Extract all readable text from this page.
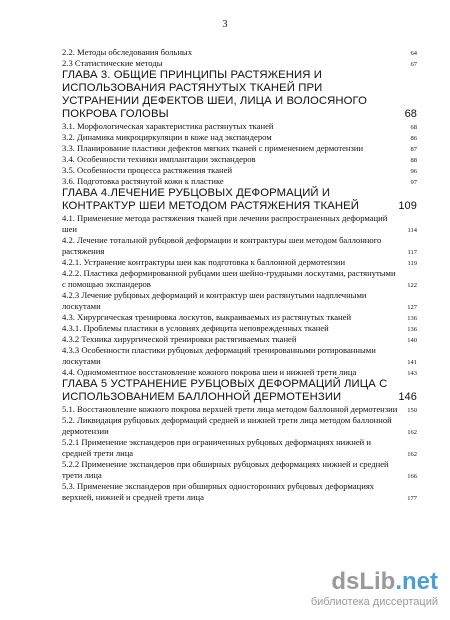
3
2.2. Методы обследования больных	64
2.3 Статистические методы	67
ГЛАВА 3. ОБЩИЕ ПРИНЦИПЫ РАСТЯЖЕНИЯ И ИСПОЛЬЗОВАНИЯ РАСТЯНУТЫХ ТКАНЕЙ ПРИ УСТРАНЕНИИ ДЕФЕКТОВ ШЕИ, ЛИЦА И ВОЛОСЯНОГО ПОКРОВА ГОЛОВЫ	68
3.1. Морфологическая характеристика растянутых тканей	68
3.2. Динамика микроциркуляции в коже над экспандером	86
3.3. Планирование пластики дефектов мягких тканей с применением дермотензии	87
3.4. Особенности техники имплантации экспандеров	88
3.5. Особенности процесса растяжения тканей	96
3.6. Подготовка растянутой кожи к пластике	97
ГЛАВА 4.ЛЕЧЕНИЕ РУБЦОВЫХ ДЕФОРМАЦИЙ И КОНТРАКТУР ШЕИ МЕТОДОМ РАСТЯЖЕНИЯ ТКАНЕЙ	109
4.1. Применение метода растяжения тканей при лечении распространенных деформаций шеи	114
4.2. Лечение тотальной рубцовой деформации и контрактуры шеи методом баллонного растяжения	117
4.2.1. Устранение контрактуры шеи как подготовка к баллонной дермотензии	119
4.2.2. Пластика деформированной рубцами шеи шейно-грудными лоскутами, растянутыми с помощью экспандеров	122
4.2.3 Лечение рубцовых деформаций и контрактур шеи растянутыми надплечными лоскутами	127
4.3. Хирургическая тренировка лоскутов, выкраиваемых из растянутых тканей	136
4.3.1. Проблемы пластики в условиях дефицита неповрежденных тканей	136
4.3.2 Техника хирургической тренировки растягиваемых тканей	140
4.3.3 Особенности пластики рубцовых деформаций тренированными ротированными лоскутами	141
4.4. Одномоментное восстановление кожного покрова шеи и нижней трети лица	143
ГЛАВА 5 УСТРАНЕНИЕ РУБЦОВЫХ ДЕФОРМАЦИЙ ЛИЦА С ИСПОЛЬЗОВАНИЕМ БАЛЛОННОЙ ДЕРМОТЕНЗИИ	146
5.1. Восстановление кожного покрова верхней трети лица методом баллонной дермотензии	150
5.2. Ликвидация рубцовых деформаций средней и нижней трети лица методом баллонной дермотензии	162
5.2.1 Применение экспандеров при ограниченных рубцовых деформациях нижней и средней трети лица	162
5.2.2 Применение экспандеров при обширных рубцовых деформациях нижней и средней трети лица	166
5.3. Применение экспандеров при обширных односторонних рубцовых деформациях верхней, нижней и средней трети лица	177
dsLib.net
библиотека диссертаций
